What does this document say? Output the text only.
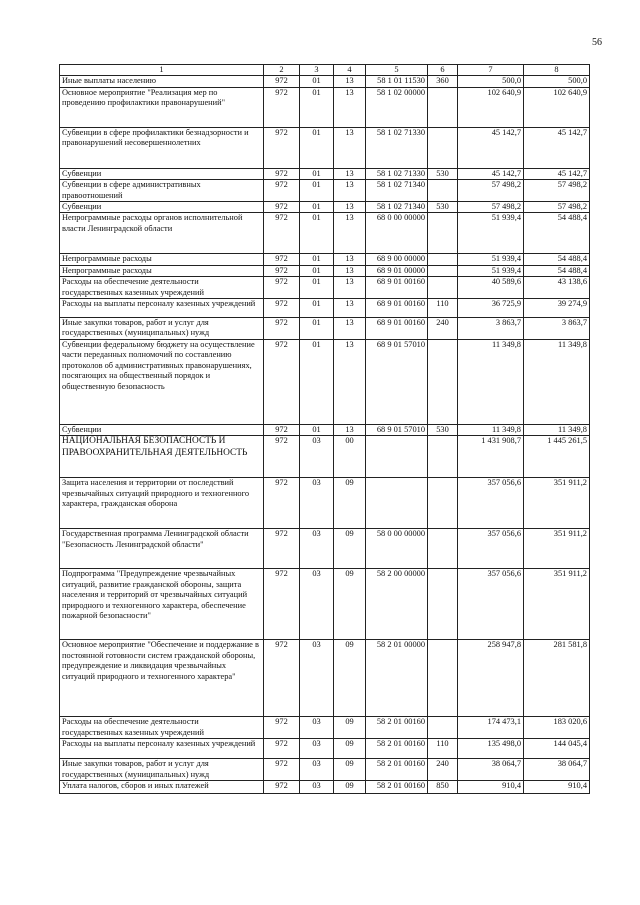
56
1	2	3	4	5	6	7	8
Иные выплаты населению	972	01	13	58 1 01 11530	360	500,0	500,0
Основное мероприятие "Реализация мер по проведению профилактики правонарушений"	972	01	13	58 1 02 00000		102 640,9	102 640,9
Субвенции в сфере профилактики безнадзорности и правонарушений несовершеннолетних	972	01	13	58 1 02 71330		45 142,7	45 142,7
Субвенции	972	01	13	58 1 02 71330	530	45 142,7	45 142,7
Субвенции в сфере административных правоотношений	972	01	13	58 1 02 71340		57 498,2	57 498,2
Субвенции	972	01	13	58 1 02 71340	530	57 498,2	57 498,2
Непрограммные расходы органов исполнительной власти Ленинградской области	972	01	13	68 0 00 00000		51 939,4	54 488,4
Непрограммные расходы	972	01	13	68 9 00 00000		51 939,4	54 488,4
Непрограммные расходы	972	01	13	68 9 01 00000		51 939,4	54 488,4
Расходы на обеспечение деятельности государственных казенных учреждений	972	01	13	68 9 01 00160		40 589,6	43 138,6
Расходы на выплаты персоналу казенных учреждений	972	01	13	68 9 01 00160	110	36 725,9	39 274,9
Иные закупки товаров, работ и услуг для государственных (муниципальных) нужд	972	01	13	68 9 01 00160	240	3 863,7	3 863,7
Субвенции федеральному бюджету на осуществление части переданных полномочий по составлению протоколов об административных правонарушениях, посягающих на общественный порядок и общественную безопасность	972	01	13	68 9 01 57010		11 349,8	11 349,8
Субвенции	972	01	13	68 9 01 57010	530	11 349,8	11 349,8
НАЦИОНАЛЬНАЯ БЕЗОПАСНОСТЬ И ПРАВООХРАНИТЕЛЬНАЯ ДЕЯТЕЛЬНОСТЬ	972	03	00			1 431 908,7	1 445 261,5
Защита населения и территории от последствий чрезвычайных ситуаций природного и техногенного характера, гражданская оборона	972	03	09			357 056,6	351 911,2
Государственная программа Ленинградской области "Безопасность Ленинградской области"	972	03	09	58 0 00 00000		357 056,6	351 911,2
Подпрограмма "Предупреждение чрезвычайных ситуаций, развитие гражданской обороны, защита населения и территорий от чрезвычайных ситуаций природного и техногенного характера, обеспечение пожарной безопасности"	972	03	09	58 2 00 00000		357 056,6	351 911,2
Основное мероприятие "Обеспечение и поддержание в постоянной готовности систем гражданской обороны, предупреждение и ликвидация чрезвычайных ситуаций природного и техногенного характера"	972	03	09	58 2 01 00000		258 947,8	281 581,8
Расходы на обеспечение деятельности государственных казенных учреждений	972	03	09	58 2 01 00160		174 473,1	183 020,6
Расходы на выплаты персоналу казенных учреждений	972	03	09	58 2 01 00160	110	135 498,0	144 045,4
Иные закупки товаров, работ и услуг для государственных (муниципальных) нужд	972	03	09	58 2 01 00160	240	38 064,7	38 064,7
Уплата налогов, сборов и иных платежей	972	03	09	58 2 01 00160	850	910,4	910,4
